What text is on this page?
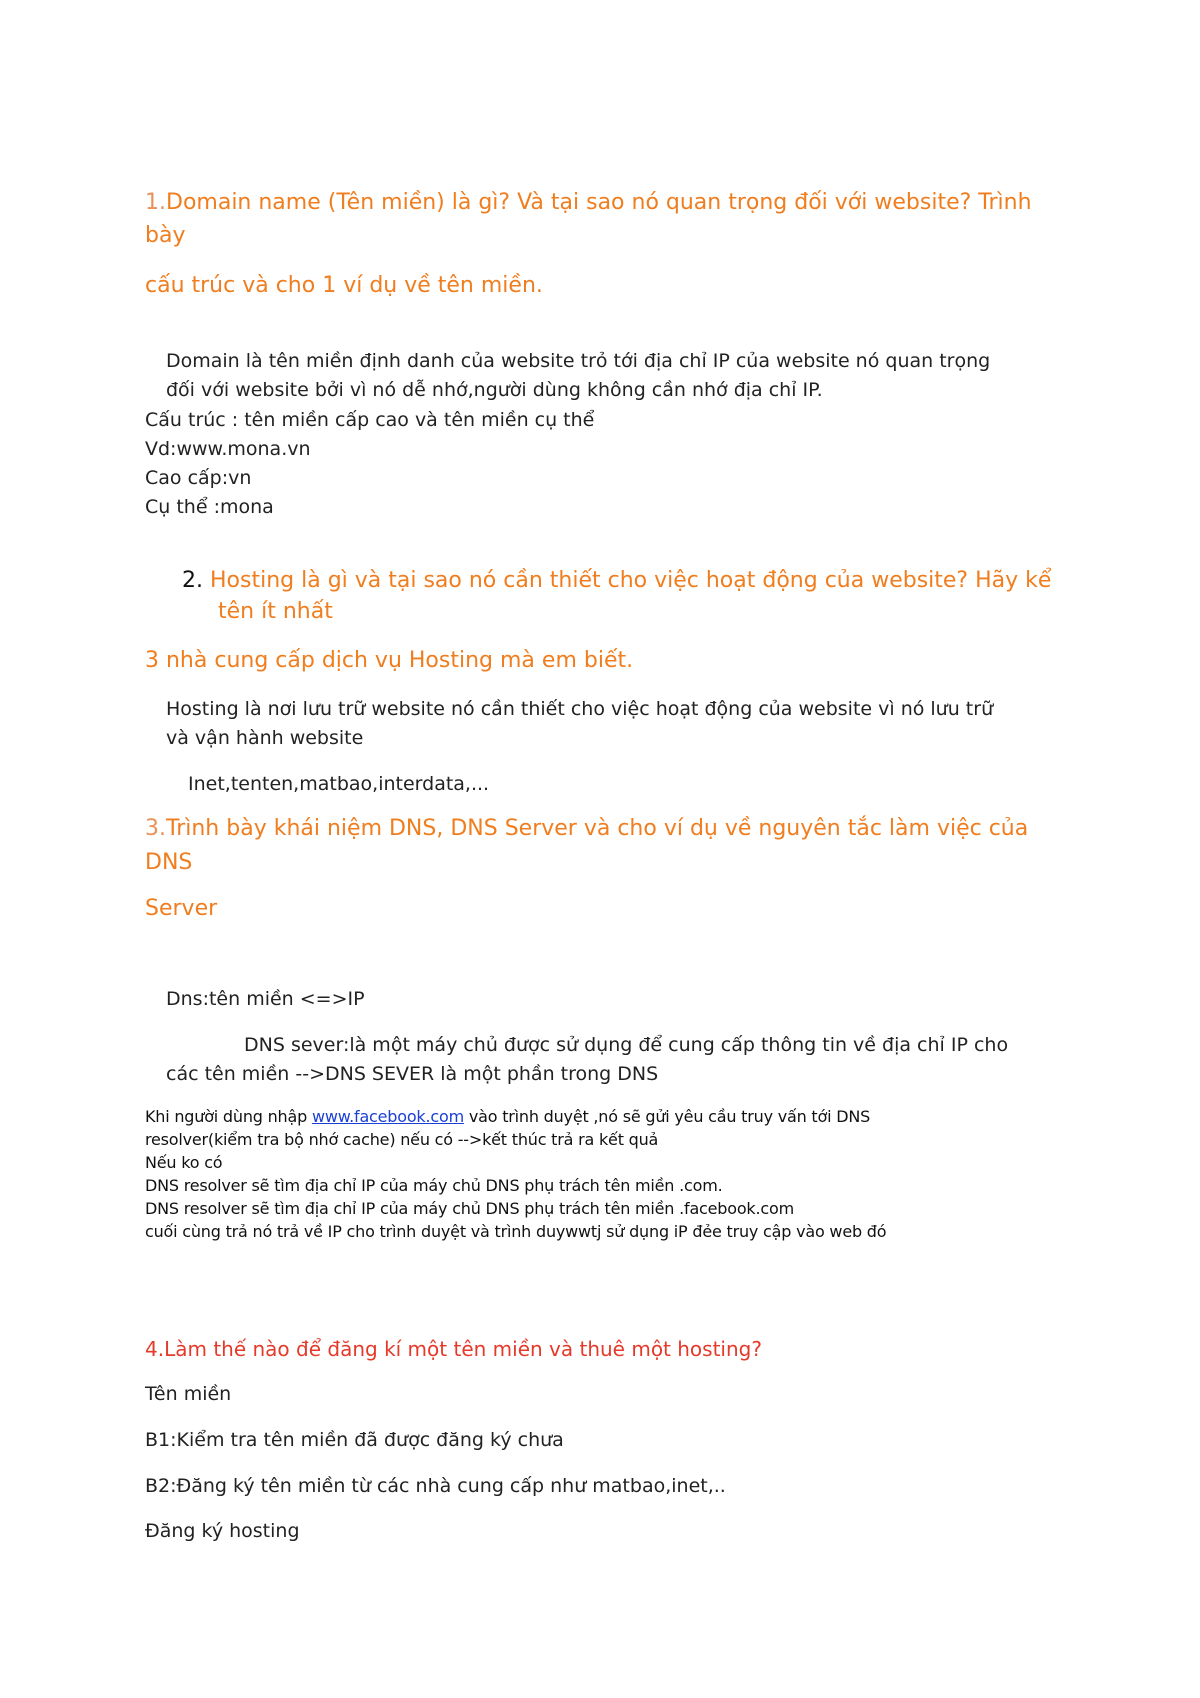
1.Domain name (Tên miền) là gì? Và tại sao nó quan trọng đối với website? Trình
bày
cấu trúc và cho 1 ví dụ về tên miền.
Domain là tên miền định danh của website trỏ tới địa chỉ IP của website nó quan trọng
đối với website bởi vì nó dễ nhớ,người dùng không cần nhớ địa chỉ IP.
Cấu trúc : tên miền cấp cao và tên miền cụ thể
Vd:www.mona.vn
Cao cấp:vn
Cụ thể :mona
2. Hosting là gì và tại sao nó cần thiết cho việc hoạt động của website? Hãy kể
tên ít nhất
3 nhà cung cấp dịch vụ Hosting mà em biết.
Hosting là nơi lưu trữ website nó cần thiết cho việc hoạt động của website vì nó lưu trữ
và vận hành website
Inet,tenten,matbao,interdata,...
3.Trình bày khái niệm DNS, DNS Server và cho ví dụ về nguyên tắc làm việc của
DNS
Server
Dns:tên miền <=>IP
DNS sever:là một máy chủ được sử dụng để cung cấp thông tin về địa chỉ IP cho
các tên miền -->DNS SEVER là một phần trong DNS
Khi người dùng nhập www.facebook.com vào trình duyệt ,nó sẽ gửi yêu cầu truy vấn tới DNS
resolver(kiểm tra bộ nhớ cache) nếu có -->kết thúc trả ra kết quả
Nếu ko có
DNS resolver sẽ tìm địa chỉ IP của máy chủ DNS phụ trách tên miền .com.
DNS resolver sẽ tìm địa chỉ IP của máy chủ DNS phụ trách tên miền .facebook.com
cuối cùng trả nó trả về IP cho trình duyệt và trình duywwtj sử dụng iP đẻe truy cập vào web đó
4.Làm thế nào để đăng kí một tên miền và thuê một hosting?
Tên miền
B1:Kiểm tra tên miền đã được đăng ký chưa
B2:Đăng ký tên miền từ các nhà cung cấp như matbao,inet,..
Đăng ký hosting
